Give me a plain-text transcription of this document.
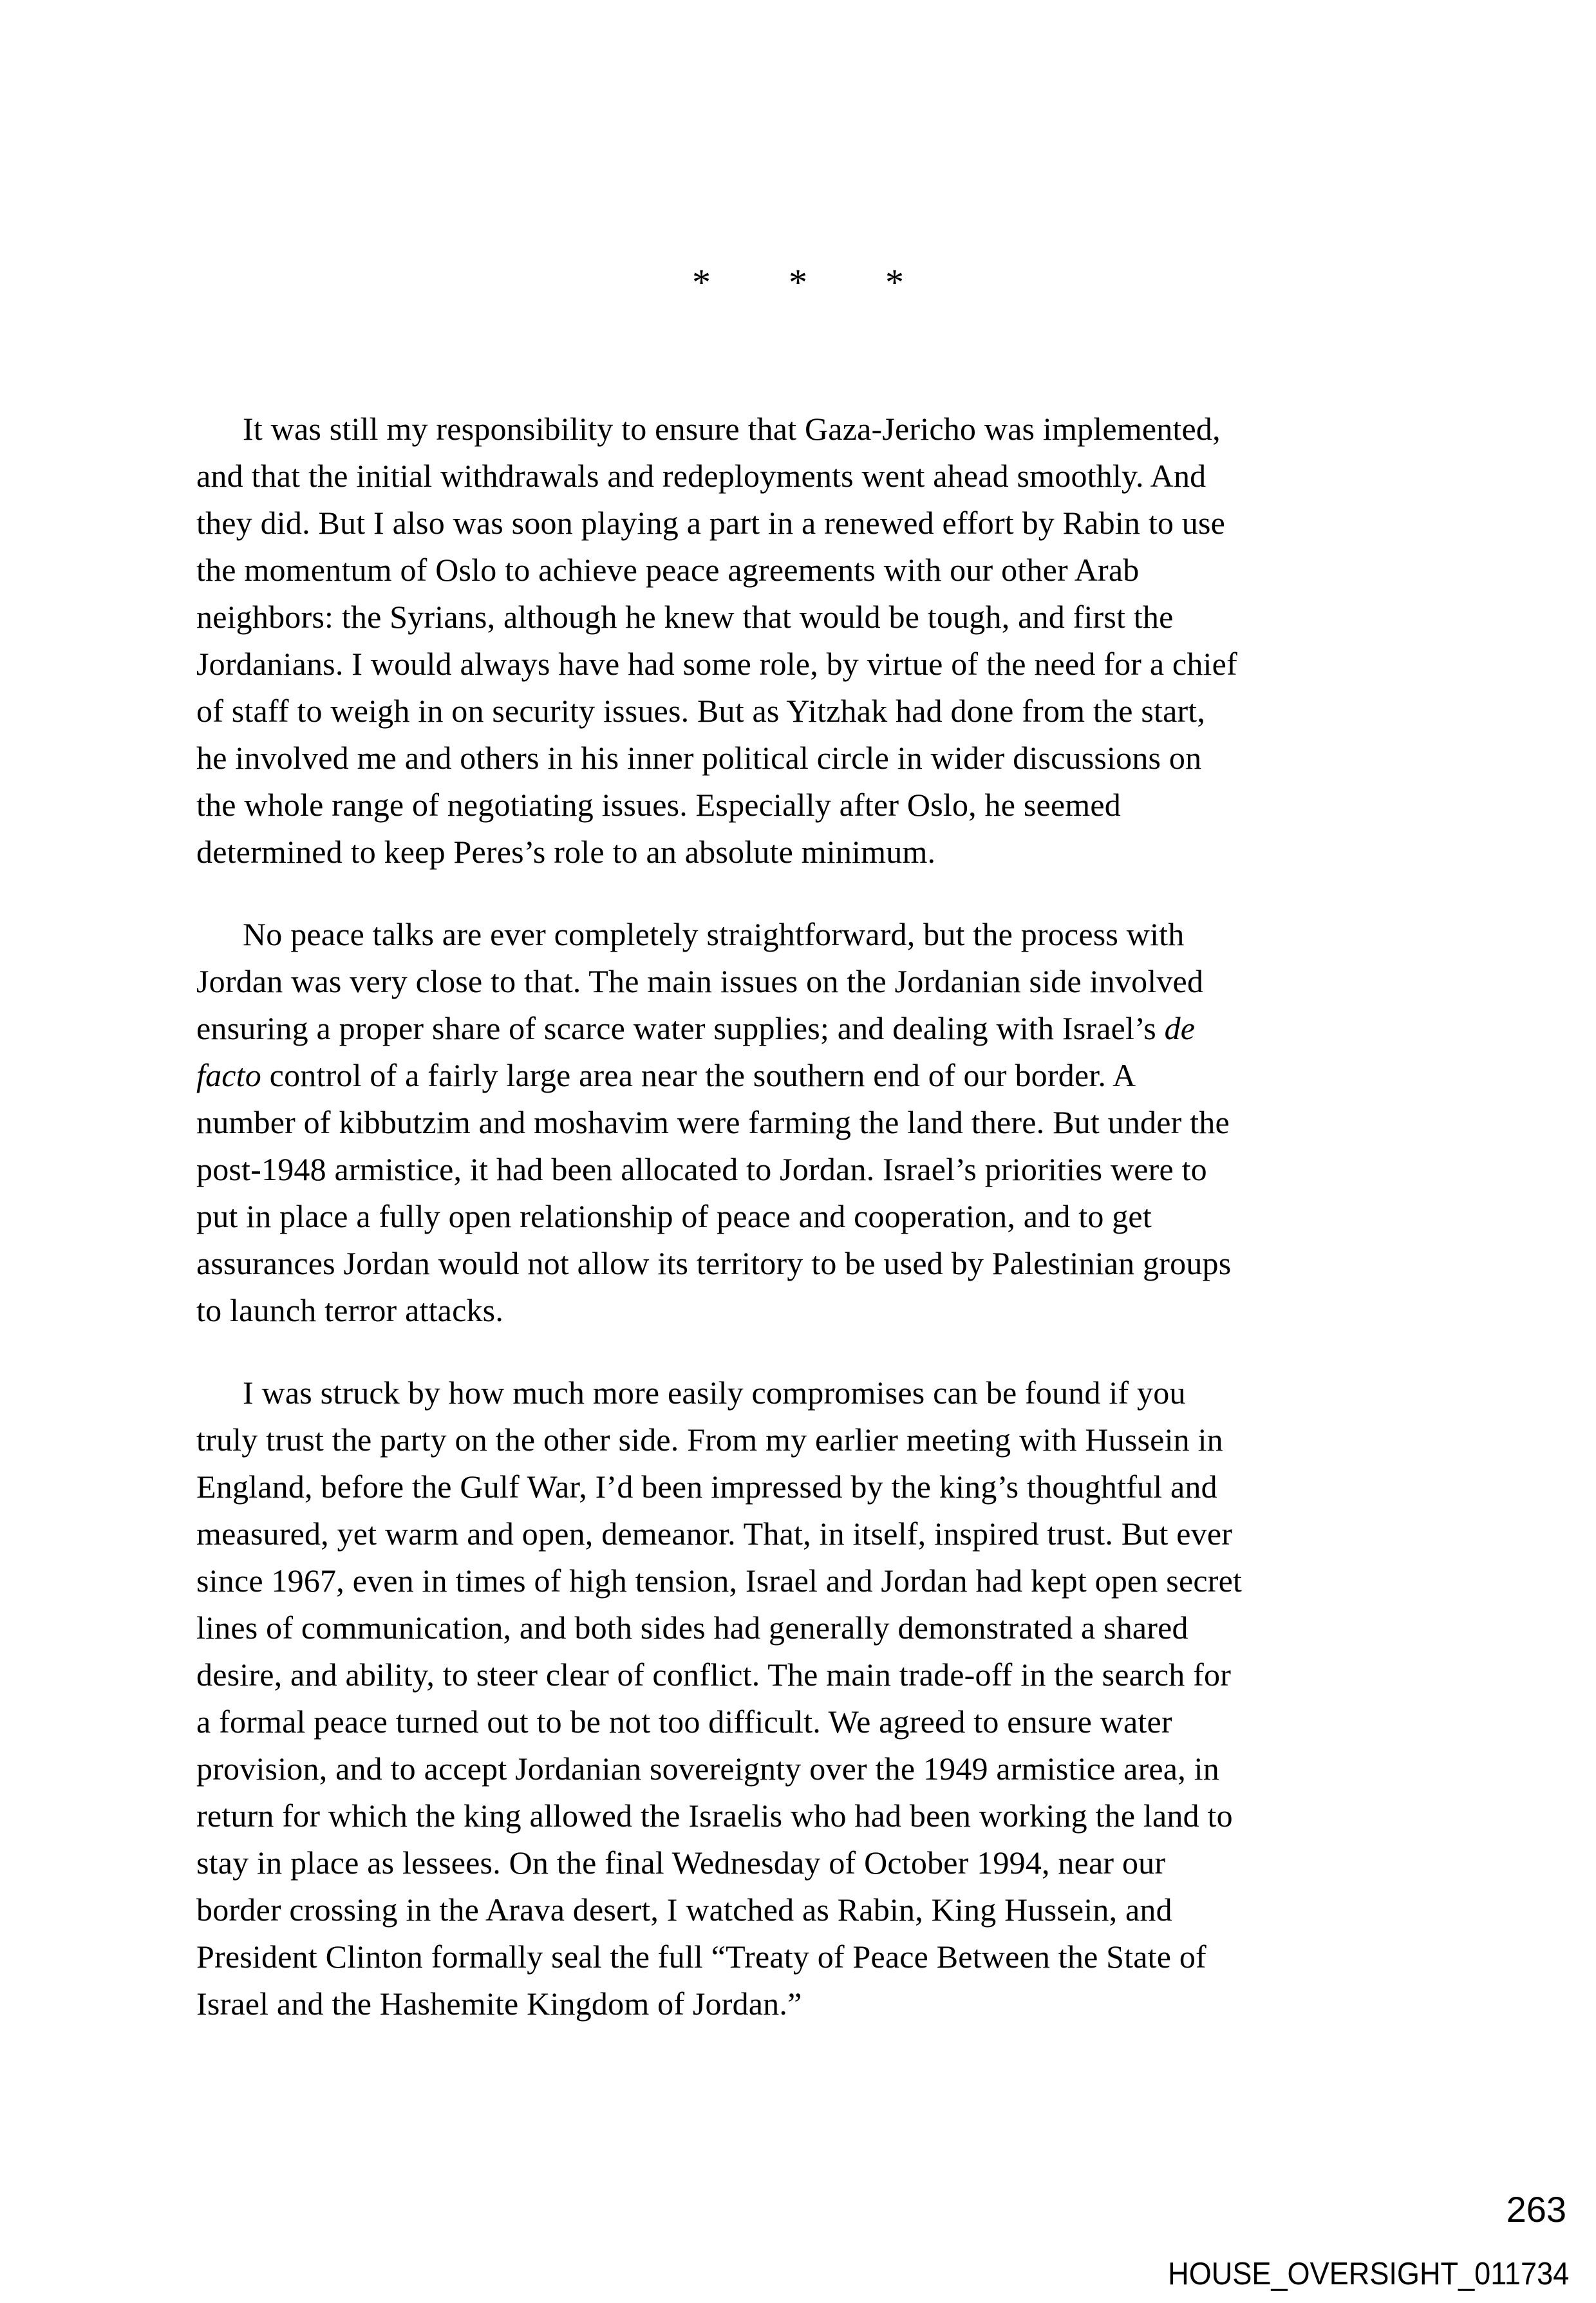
* * *
It was still my responsibility to ensure that Gaza-Jericho was implemented,
and that the initial withdrawals and redeployments went ahead smoothly. And
they did. But I also was soon playing a part in a renewed effort by Rabin to use
the momentum of Oslo to achieve peace agreements with our other Arab
neighbors: the Syrians, although he knew that would be tough, and first the
Jordanians. I would always have had some role, by virtue of the need for a chief
of staff to weigh in on security issues. But as Yitzhak had done from the start,
he involved me and others in his inner political circle in wider discussions on
the whole range of negotiating issues. Especially after Oslo, he seemed
determined to keep Peres’s role to an absolute minimum.
No peace talks are ever completely straightforward, but the process with
Jordan was very close to that. The main issues on the Jordanian side involved
ensuring a proper share of scarce water supplies; and dealing with Israel’s de
facto control of a fairly large area near the southern end of our border. A
number of kibbutzim and moshavim were farming the land there. But under the
post-1948 armistice, it had been allocated to Jordan. Israel’s priorities were to
put in place a fully open relationship of peace and cooperation, and to get
assurances Jordan would not allow its territory to be used by Palestinian groups
to launch terror attacks.
I was struck by how much more easily compromises can be found if you
truly trust the party on the other side. From my earlier meeting with Hussein in
England, before the Gulf War, I’d been impressed by the king’s thoughtful and
measured, yet warm and open, demeanor. That, in itself, inspired trust. But ever
since 1967, even in times of high tension, Israel and Jordan had kept open secret
lines of communication, and both sides had generally demonstrated a shared
desire, and ability, to steer clear of conflict. The main trade-off in the search for
a formal peace turned out to be not too difficult. We agreed to ensure water
provision, and to accept Jordanian sovereignty over the 1949 armistice area, in
return for which the king allowed the Israelis who had been working the land to
stay in place as lessees. On the final Wednesday of October 1994, near our
border crossing in the Arava desert, I watched as Rabin, King Hussein, and
President Clinton formally seal the full “Treaty of Peace Between the State of
Israel and the Hashemite Kingdom of Jordan.”
263
HOUSE_OVERSIGHT_011734
